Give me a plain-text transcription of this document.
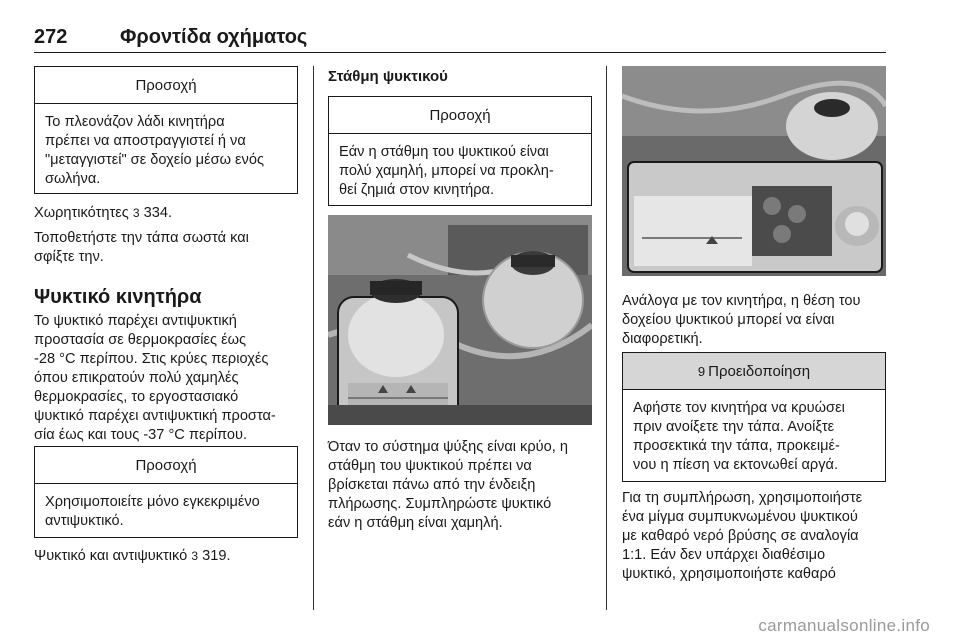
272	Φροντίδα οχήματος
Προσοχή

Το πλεονάζον λάδι κινητήρα

πρέπει να αποστραγγιστεί ή να

"μεταγγιστεί" σε δοχείο μέσω ενός

σωλήνα.

Χωρητικότητες 3 334.

Τοποθετήστε την τάπα σωστά και

σφίξτε την.

Ψυκτικό κινητήρα

Το ψυκτικό παρέχει αντιψυκτική

προστασία σε θερμοκρασίες έως

-28 °C περίπου. Στις κρύες περιοχές

όπου επικρατούν πολύ χαμηλές

θερμοκρασίες, το εργοστασιακό

ψυκτικό παρέχει αντιψυκτική προστα-

σία έως και τους -37 °C περίπου.

Προσοχή

Χρησιμοποιείτε μόνο εγκεκριμένο

αντιψυκτικό.

Ψυκτικό και αντιψυκτικό 3 319.

Στάθμη ψυκτικού
Προσοχή

Εάν η στάθμη του ψυκτικού είναι

πολύ χαμηλή, μπορεί να προκλη-

θεί ζημιά στον κινητήρα.

Όταν το σύστημα ψύξης είναι κρύο, η

στάθμη του ψυκτικού πρέπει να

βρίσκεται πάνω από την ένδειξη

πλήρωσης. Συμπληρώστε ψυκτικό

εάν η στάθμη είναι χαμηλή.

Ανάλογα με τον κινητήρα, η θέση του

δοχείου ψυκτικού μπορεί να είναι

διαφορετική.

9 Προειδοποίηση

Αφήστε τον κινητήρα να κρυώσει

πριν ανοίξετε την τάπα. Ανοίξτε

προσεκτικά την τάπα, προκειμέ-

νου η πίεση να εκτονωθεί αργά.

Για τη συμπλήρωση, χρησιμοποιήστε

ένα μίγμα συμπυκνωμένου ψυκτικού

με καθαρό νερό βρύσης σε αναλογία

1:1. Εάν δεν υπάρχει διαθέσιμο

ψυκτικό, χρησιμοποιήστε καθαρό

carmanualsonline.info
